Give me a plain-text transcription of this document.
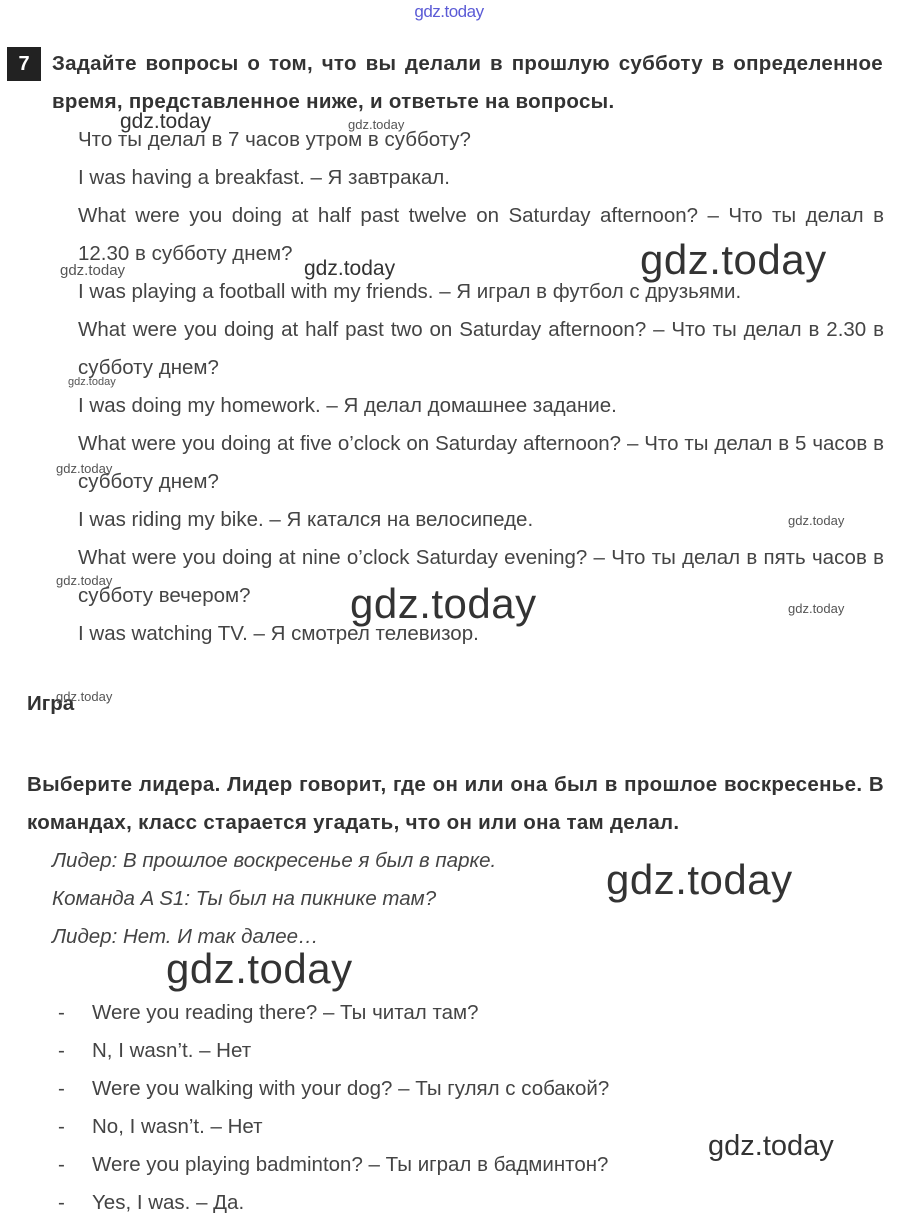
gdz.today
7	Задайте вопросы о том, что вы делали в прошлую субботу в определенное время, представленное ниже, и ответьте на вопросы.

Что ты делал в 7 часов утром в субботу?

I was having a breakfast. – Я завтракал.

What were you doing at half past twelve on Saturday afternoon? – Что ты делал в 12.30 в субботу днем?

I was playing a football with my friends. – Я играл в футбол с друзьями.

What were you doing at half past two on Saturday afternoon? – Что ты делал в 2.30 в субботу днем?

I was doing my homework. – Я делал домашнее задание.

What were you doing at five o’clock on Saturday afternoon? – Что ты делал в 5 часов в субботу днем?

I was riding my bike. – Я катался на велосипеде.

What were you doing at nine o’clock Saturday evening? – Что ты делал в пять часов в субботу вечером?

I was watching TV. – Я смотрел телевизор.

Игра
Выберите лидера. Лидер говорит, где он или она был в прошлое воскресенье. В командах, класс старается угадать, что он или она там делал.

Лидер: В прошлое воскресенье я был в парке.

Команда A S1: Ты был на пикнике там?

Лидер: Нет. И так далее…

-	Were you reading there? – Ты читал там?
-	N, I wasn’t. – Нет
-	Were you walking with your dog? – Ты гулял с собакой?
-	No, I wasn’t. – Нет
-	Were you playing badminton? – Ты играл в бадминтон?
-	Yes, I was. – Да.
gdz.today	gdz.today
gdz.today
gdz.today
gdz.today
gdz.today
gdz.today
gdz.today
gdz.today	gdz.today	gdz.today
gdz.today
gdz.today
gdz.today
gdz.today
